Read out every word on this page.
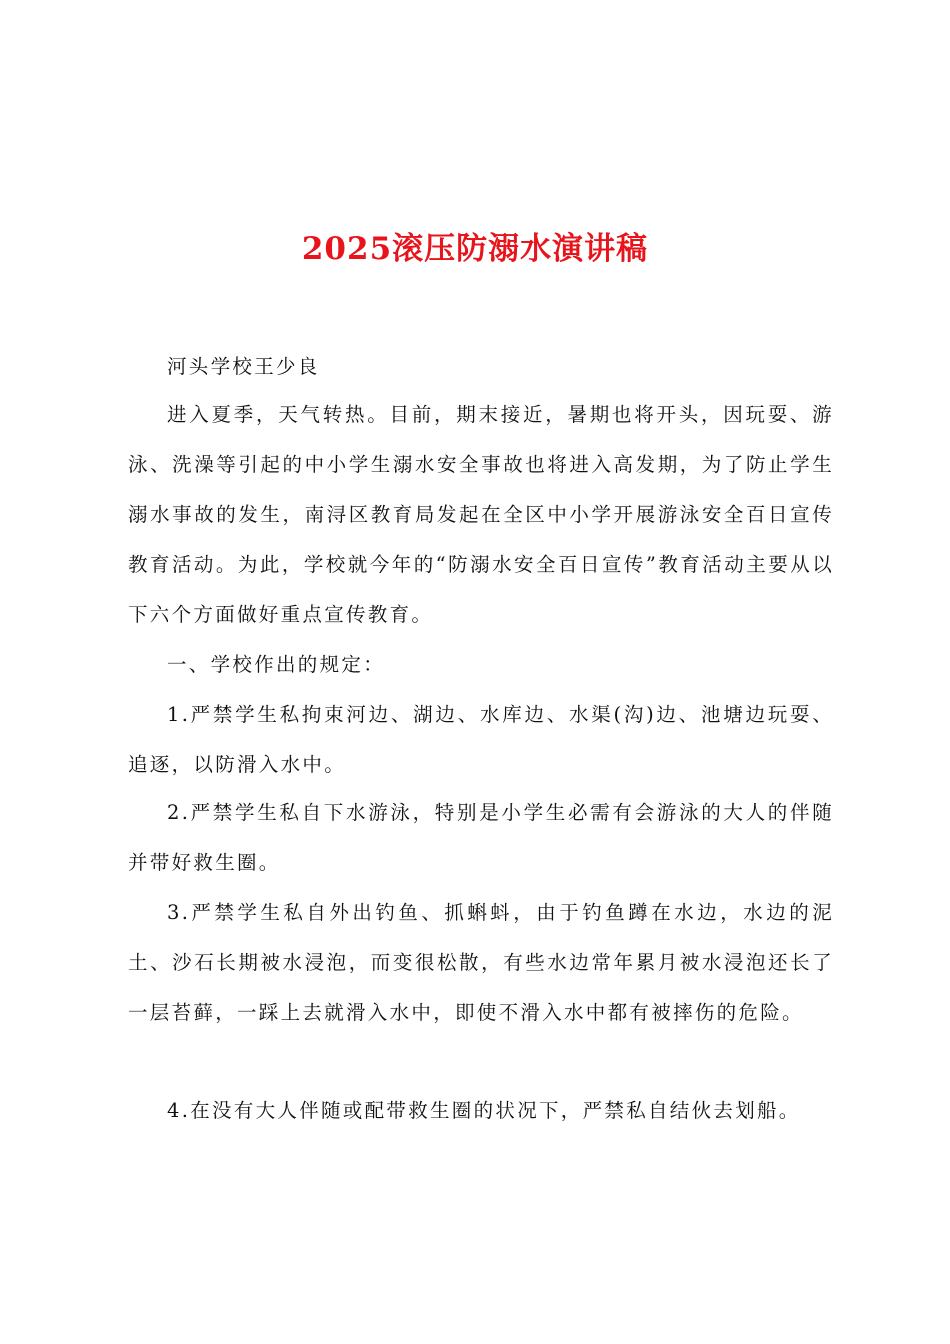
2025滚压防溺水演讲稿

河头学校王少良

进入夏季，天气转热。目前，期末接近，暑期也将开头，因玩耍、游泳、洗澡等引起的中小学生溺水安全事故也将进入高发期，为了防止学生溺水事故的发生，南浔区教育局发起在全区中小学开展游泳安全百日宣传教育活动。为此，学校就今年的“防溺水安全百日宣传”教育活动主要从以下六个方面做好重点宣传教育。

一、学校作出的规定：

1.严禁学生私拘束河边、湖边、水库边、水渠(沟)边、池塘边玩耍、追逐，以防滑入水中。

2.严禁学生私自下水游泳，特别是小学生必需有会游泳的大人的伴随并带好救生圈。

3.严禁学生私自外出钓鱼、抓蝌蚪，由于钓鱼蹲在水边，水边的泥土、沙石长期被水浸泡，而变很松散，有些水边常年累月被水浸泡还长了一层苔藓，一踩上去就滑入水中，即使不滑入水中都有被摔伤的危险。

4.在没有大人伴随或配带救生圈的状况下，严禁私自结伙去划船。
